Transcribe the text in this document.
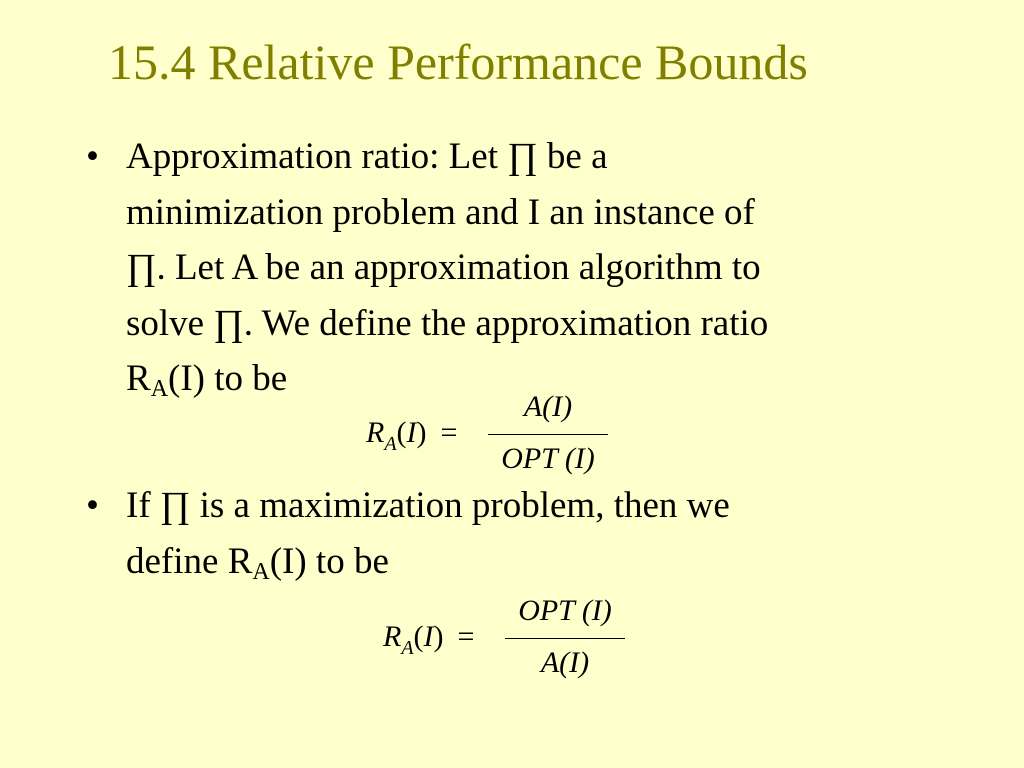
15.4 Relative Performance Bounds
• Approximation ratio: Let ∏ be a
minimization problem and I an instance of
∏. Let A be an approximation algorithm to
solve ∏. We define the approximation ratio
$R_A(I)$ to be
$R_A(I)$ =
A(I)
OPT (I)
• If ∏ is a maximization problem, then we
define $R_A(I)$ to be
$R_A(I)$ =
OPT (I)
A(I)
